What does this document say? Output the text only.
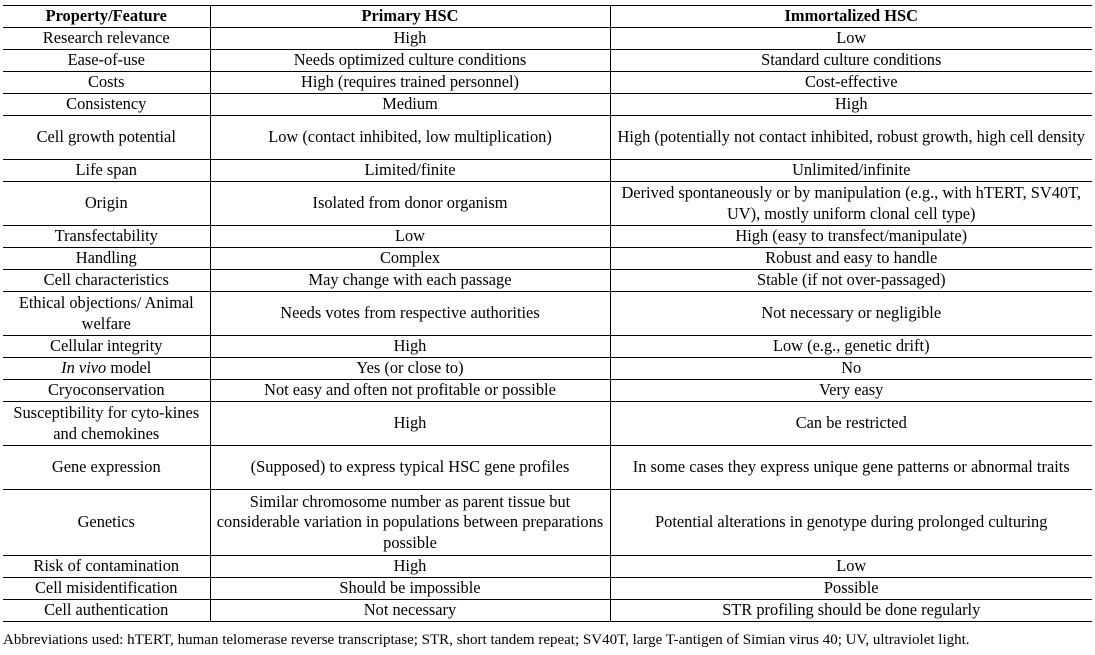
Property/Feature	Primary HSC	Immortalized HSC
Research relevance	High	Low
Ease-of-use	Needs optimized culture conditions	Standard culture conditions
Costs	High (requires trained personnel)	Cost-effective
Consistency	Medium	High
Cell growth potential	Low (contact inhibited, low multiplication)	High (potentially not contact inhibited, robust growth, high cell density
Life span	Limited/finite	Unlimited/infinite
Origin	Isolated from donor organism	Derived spontaneously or by manipulation (e.g., with hTERT, SV40T, UV), mostly uniform clonal cell type)
Transfectability	Low	High (easy to transfect/manipulate)
Handling	Complex	Robust and easy to handle
Cell characteristics	May change with each passage	Stable (if not over-passaged)
Ethical objections/ Animal welfare	Needs votes from respective authorities	Not necessary or negligible
Cellular integrity	High	Low (e.g., genetic drift)
In vivo model	Yes (or close to)	No
Cryoconservation	Not easy and often not profitable or possible	Very easy
Susceptibility for cyto-kines and chemokines	High	Can be restricted
Gene expression	(Supposed) to express typical HSC gene profiles	In some cases they express unique gene patterns or abnormal traits
Genetics	Similar chromosome number as parent tissue but considerable variation in populations between preparations possible	Potential alterations in genotype during prolonged culturing
Risk of contamination	High	Low
Cell misidentification	Should be impossible	Possible
Cell authentication	Not necessary	STR profiling should be done regularly
Abbreviations used: hTERT, human telomerase reverse transcriptase; STR, short tandem repeat; SV40T, large T-antigen of Simian virus 40; UV, ultraviolet light.
